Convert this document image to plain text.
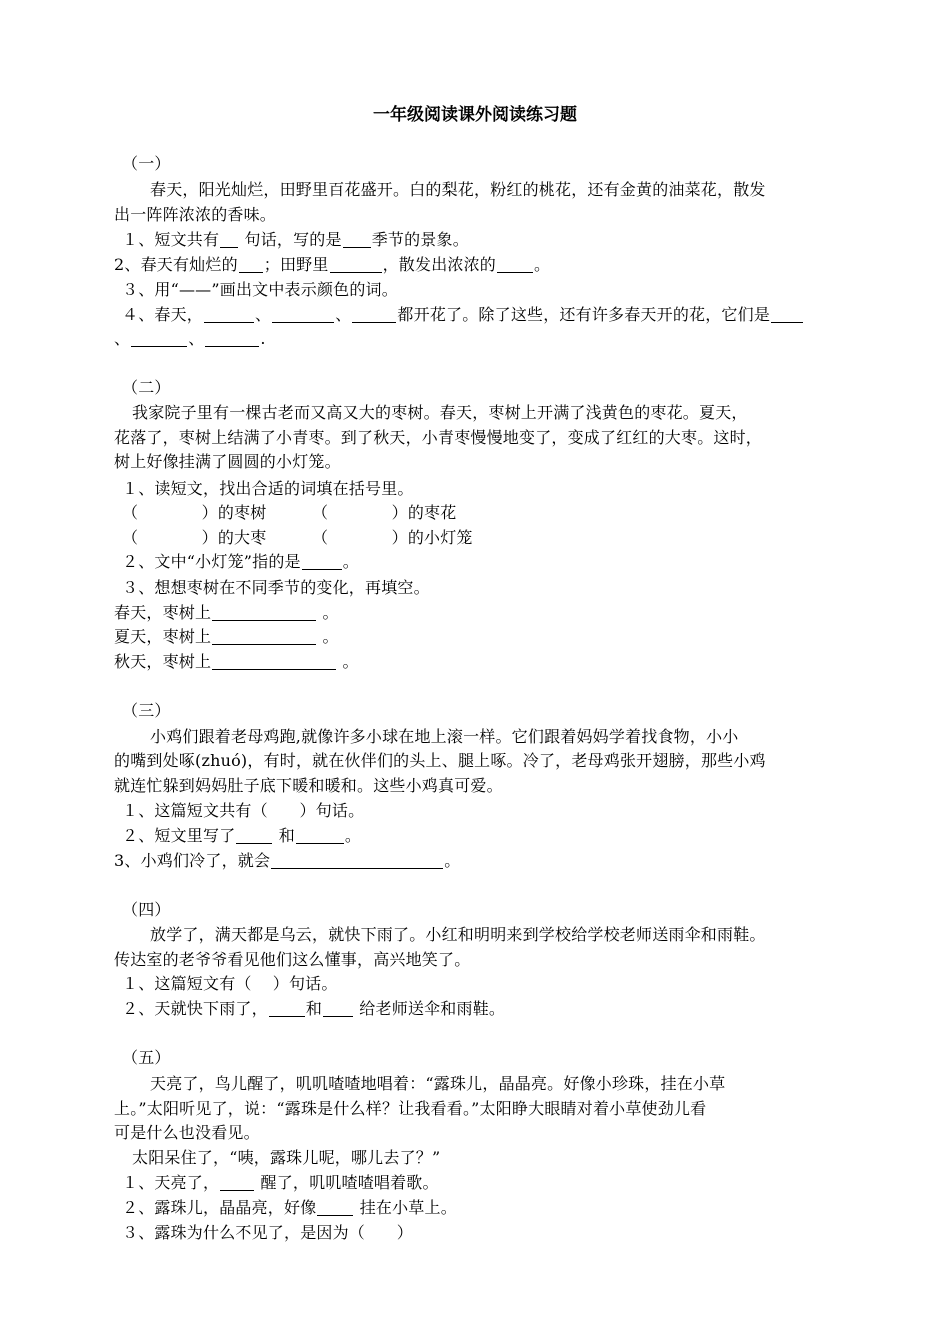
一年级阅读课外阅读练习题
（一）
春天，阳光灿烂，田野里百花盛开。白的梨花，粉红的桃花，还有金黄的油菜花，散发
出一阵阵浓浓的香味。
１、短文共有 句话，写的是 季节的景象。
2、春天有灿烂的 ；田野里	，散发出浓浓的 。
３、用“——”画出文中表示颜色的词。
４、春天，	、	、	都开花了。除了这些，还有许多春天开的花，它们是
、	、	.
（二）
我家院子里有一棵古老而又高又大的枣树。春天，枣树上开满了浅黄色的枣花。夏天，
花落了，枣树上结满了小青枣。到了秋天，小青枣慢慢地变了，变成了红红的大枣。这时，
树上好像挂满了圆圆的小灯笼。
１、读短文，找出合适的词填在括号里。
（            ）的枣树	（            ）的枣花
（            ）的大枣	（            ）的小灯笼
２、文中“小灯笼”指的是	。
３、想想枣树在不同季节的变化，再填空。
春天，枣树上	。
夏天，枣树上	。
秋天，枣树上	。
（三）
小鸡们跟着老母鸡跑,就像许多小球在地上滚一样。它们跟着妈妈学着找食物，小小
的嘴到处啄(zhuó)，有时，就在伙伴们的头上、腿上啄。冷了，老母鸡张开翅膀，那些小鸡
就连忙躲到妈妈肚子底下暖和暖和。这些小鸡真可爱。
１、这篇短文共有（      ）句话。
２、短文里写了 和	。
3、小鸡们冷了，就会	。
（四）
放学了，满天都是乌云，就快下雨了。小红和明明来到学校给学校老师送雨伞和雨鞋。
传达室的老爷爷看见他们这么懂事，高兴地笑了。
１、这篇短文有（    ）句话。
２、天就快下雨了， 和 给老师送伞和雨鞋。
（五）
天亮了，鸟儿醒了，叽叽喳喳地唱着：“露珠儿，晶晶亮。好像小珍珠，挂在小草
上。”太阳听见了，说：“露珠是什么样？让我看看。”太阳睁大眼睛对着小草使劲儿看
可是什么也没看见。
太阳呆住了，“咦，露珠儿呢，哪儿去了？”
１、天亮了， 醒了，叽叽喳喳唱着歌。
２、露珠儿，晶晶亮，好像 挂在小草上。
３、露珠为什么不见了，是因为（      ）
